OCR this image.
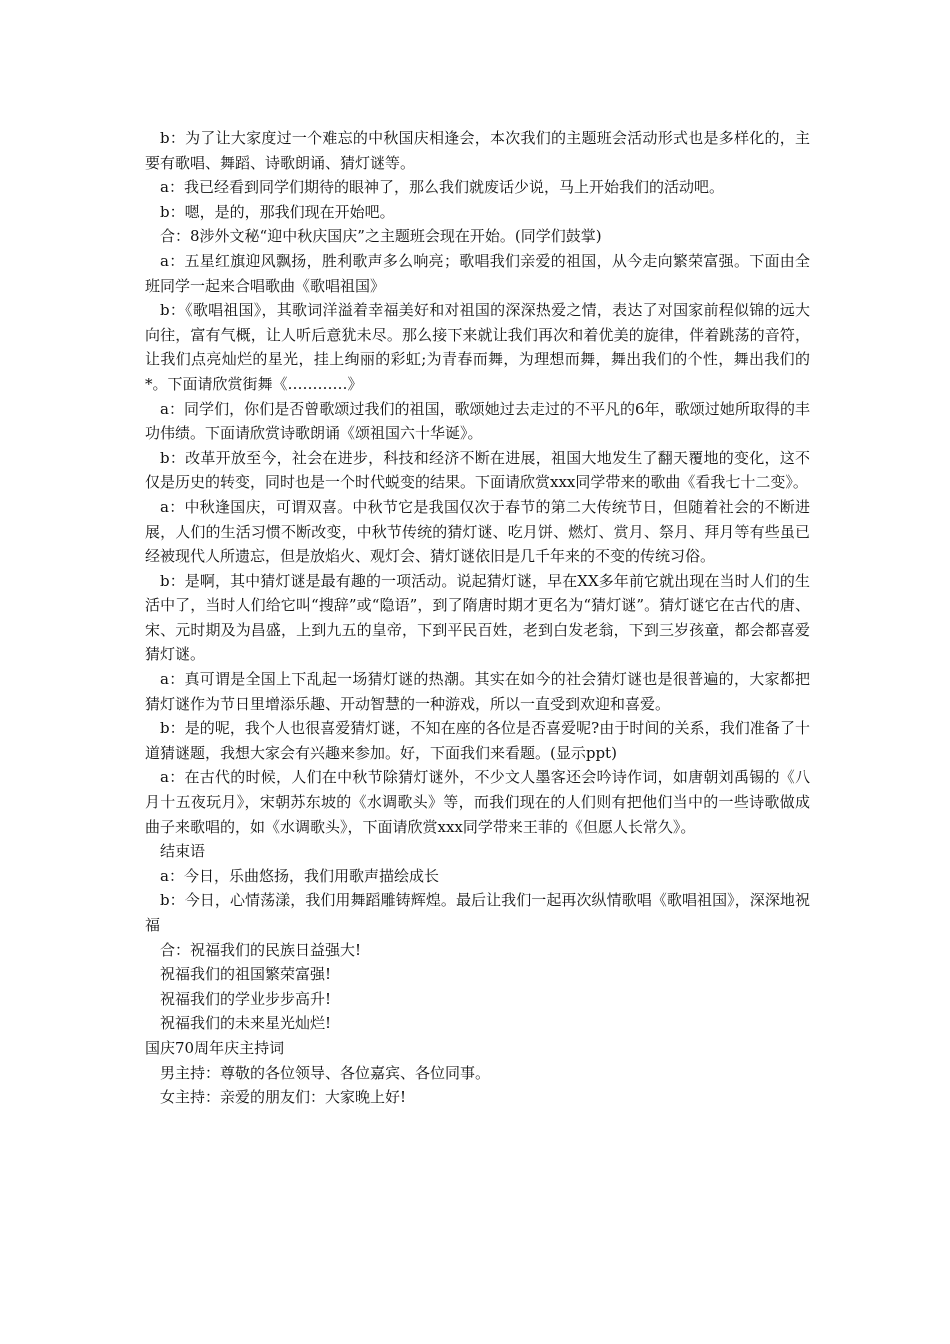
b：为了让大家度过一个难忘的中秋国庆相逢会，本次我们的主题班会活动形式也是多样化的，主要有歌唱、舞蹈、诗歌朗诵、猜灯谜等。

a：我已经看到同学们期待的眼神了，那么我们就废话少说，马上开始我们的活动吧。

b：嗯，是的，那我们现在开始吧。

合：8涉外文秘“迎中秋庆国庆”之主题班会现在开始。(同学们鼓掌)

a：五星红旗迎风飘扬，胜利歌声多么响亮；歌唱我们亲爱的祖国，从今走向繁荣富强。下面由全班同学一起来合唱歌曲《歌唱祖国》

b：《歌唱祖国》，其歌词洋溢着幸福美好和对祖国的深深热爱之情，表达了对国家前程似锦的远大向往，富有气概，让人听后意犹未尽。那么接下来就让我们再次和着优美的旋律，伴着跳荡的音符，让我们点亮灿烂的星光，挂上绚丽的彩虹;为青春而舞，为理想而舞，舞出我们的个性，舞出我们的*。下面请欣赏街舞《…………》

a：同学们，你们是否曾歌颂过我们的祖国，歌颂她过去走过的不平凡的6年，歌颂过她所取得的丰功伟绩。下面请欣赏诗歌朗诵《颂祖国六十华诞》。

b：改革开放至今，社会在进步，科技和经济不断在进展，祖国大地发生了翻天覆地的变化，这不仅是历史的转变，同时也是一个时代蜕变的结果。下面请欣赏xxx同学带来的歌曲《看我七十二变》。

a：中秋逢国庆，可谓双喜。中秋节它是我国仅次于春节的第二大传统节日，但随着社会的不断进展，人们的生活习惯不断改变，中秋节传统的猜灯谜、吃月饼、燃灯、赏月、祭月、拜月等有些虽已经被现代人所遗忘，但是放焰火、观灯会、猜灯谜依旧是几千年来的不变的传统习俗。

b：是啊，其中猜灯谜是最有趣的一项活动。说起猜灯谜，早在XX多年前它就出现在当时人们的生活中了，当时人们给它叫“搜辞”或“隐语”，到了隋唐时期才更名为“猜灯谜”。猜灯谜它在古代的唐、宋、元时期及为昌盛，上到九五的皇帝，下到平民百姓，老到白发老翁，下到三岁孩童，都会都喜爱猜灯谜。

a：真可谓是全国上下乱起一场猜灯谜的热潮。其实在如今的社会猜灯谜也是很普遍的，大家都把猜灯谜作为节日里增添乐趣、开动智慧的一种游戏，所以一直受到欢迎和喜爱。

b：是的呢，我个人也很喜爱猜灯谜，不知在座的各位是否喜爱呢?由于时间的关系，我们准备了十道猜谜题，我想大家会有兴趣来参加。好，下面我们来看题。(显示ppt)

a：在古代的时候，人们在中秋节除猜灯谜外，不少文人墨客还会吟诗作词，如唐朝刘禹锡的《八月十五夜玩月》，宋朝苏东坡的《水调歌头》等，而我们现在的人们则有把他们当中的一些诗歌做成曲子来歌唱的，如《水调歌头》，下面请欣赏xxx同学带来王菲的《但愿人长常久》。

结束语

a：今日，乐曲悠扬，我们用歌声描绘成长

b：今日，心情荡漾，我们用舞蹈雕铸辉煌。最后让我们一起再次纵情歌唱《歌唱祖国》，深深地祝福

合：祝福我们的民族日益强大!

祝福我们的祖国繁荣富强!

祝福我们的学业步步高升!

祝福我们的未来星光灿烂!

国庆70周年庆主持词

男主持：尊敬的各位领导、各位嘉宾、各位同事。

女主持：亲爱的朋友们：大家晚上好!
